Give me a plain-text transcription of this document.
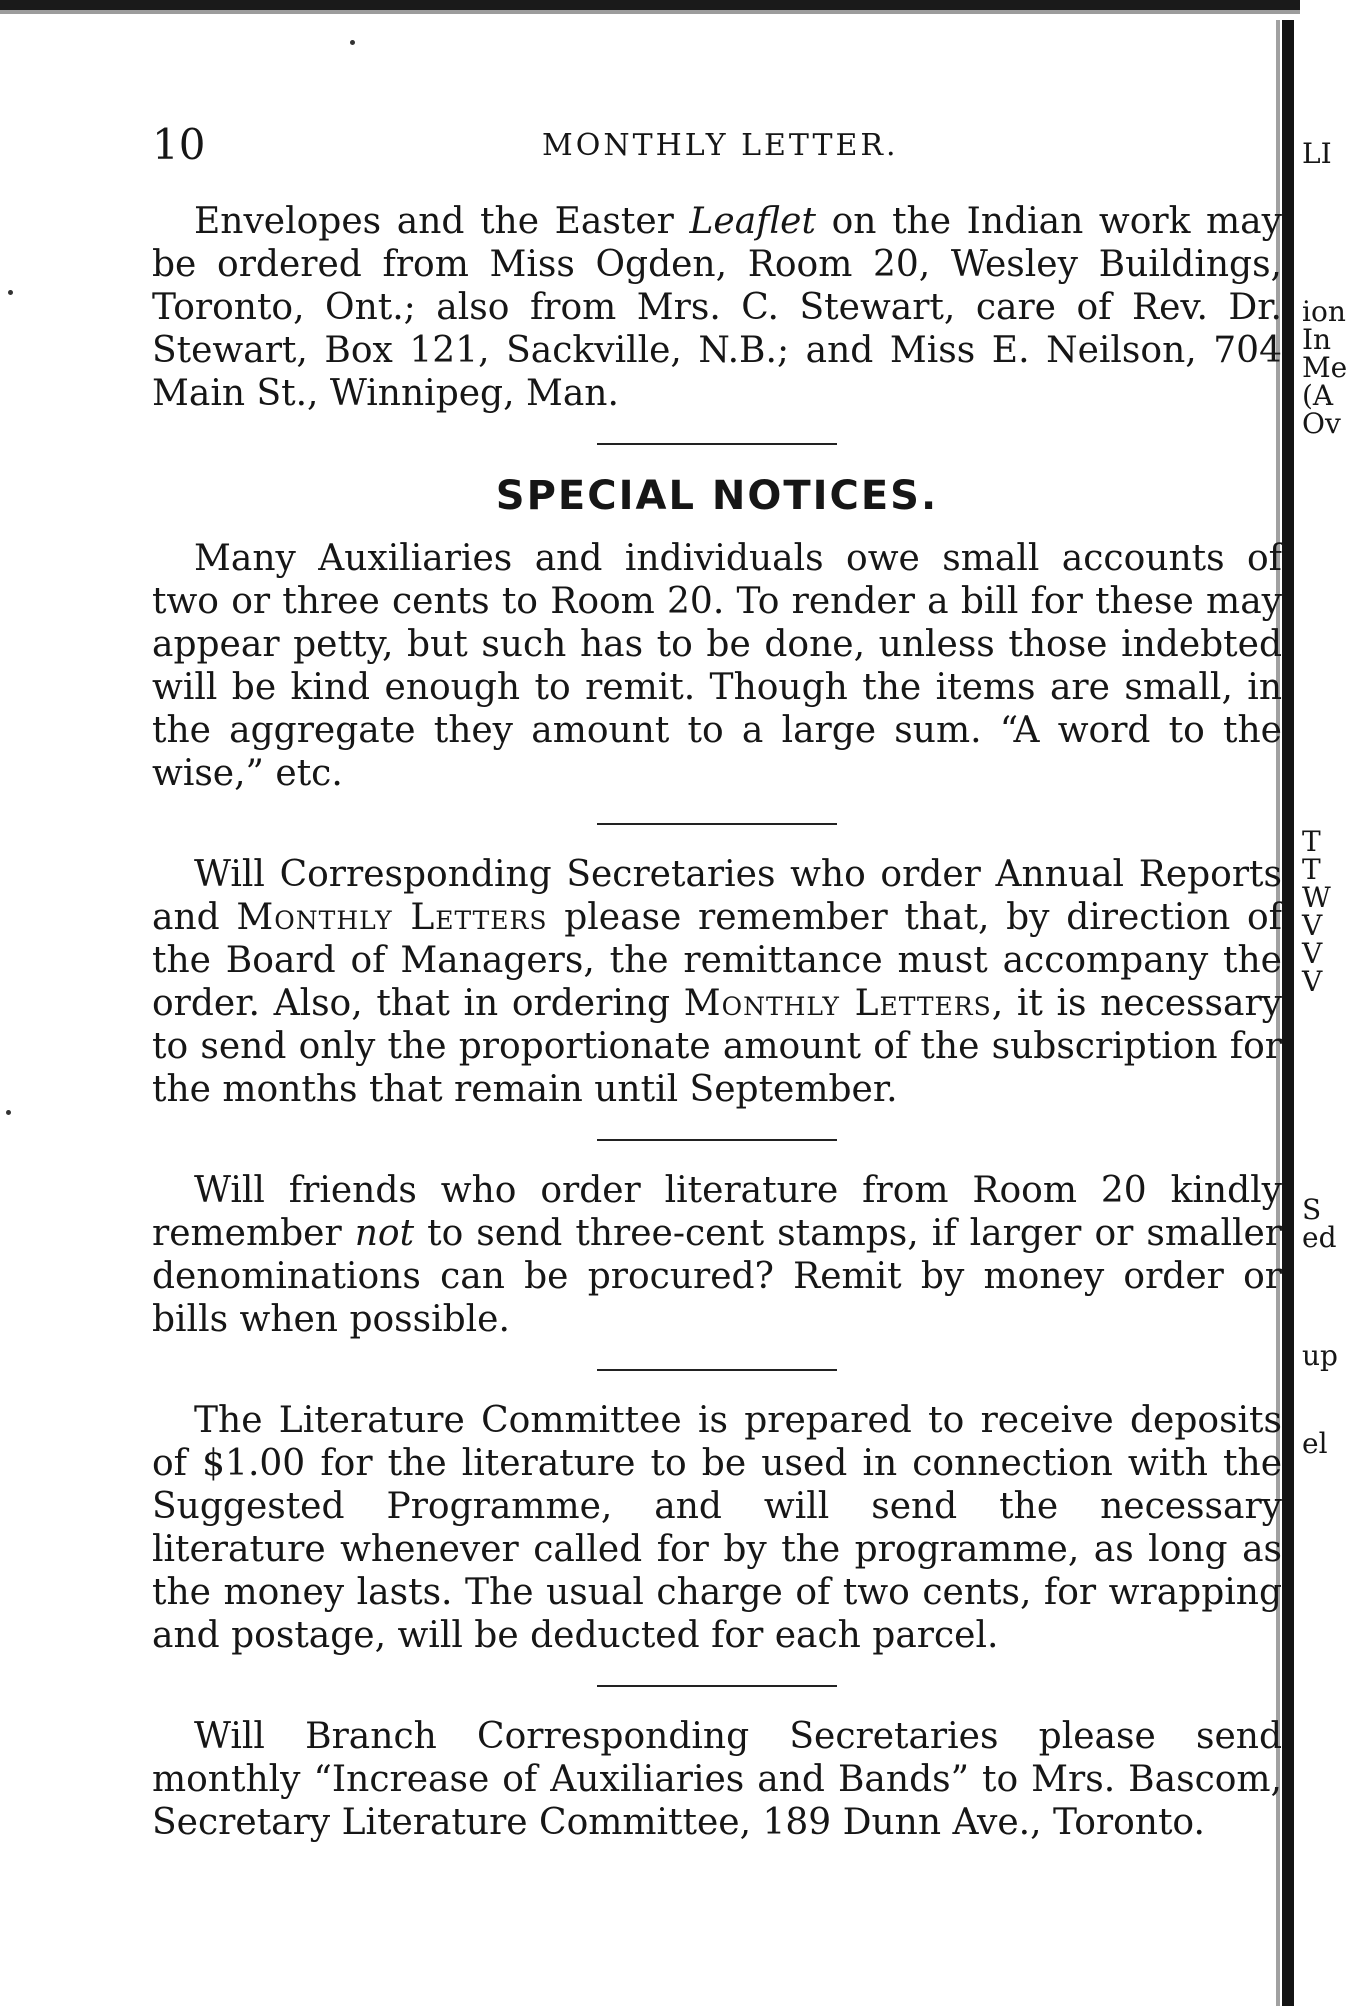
10	MONTHLY LETTER.

Envelopes and the Easter Leaflet on the Indian work may be ordered from Miss Ogden, Room 20, Wesley Buildings, Toronto, Ont.; also from Mrs. C. Stewart, care of Rev. Dr. Stewart, Box 121, Sackville, N.B.; and Miss E. Neilson, 704 Main St., Winnipeg, Man.

SPECIAL NOTICES.

Many Auxiliaries and individuals owe small accounts of two or three cents to Room 20. To render a bill for these may appear petty, but such has to be done, unless those indebted will be kind enough to remit. Though the items are small, in the aggregate they amount to a large sum. “A word to the wise,” etc.

Will Corresponding Secretaries who order Annual Reports and Monthly Letters please remember that, by direction of the Board of Managers, the remittance must accompany the order. Also, that in ordering Monthly Letters, it is necessary to send only the proportionate amount of the subscription for the months that remain until September.

Will friends who order literature from Room 20 kindly remember not to send three-cent stamps, if larger or smaller denominations can be procured? Remit by money order or bills when possible.

The Literature Committee is prepared to receive deposits of $1.00 for the literature to be used in connection with the Suggested Programme, and will send the necessary literature whenever called for by the programme, as long as the money lasts. The usual charge of two cents, for wrapping and postage, will be deducted for each parcel.

Will Branch Corresponding Secretaries please send monthly “Increase of Auxiliaries and Bands” to Mrs. Bascom, Secretary Literature Committee, 189 Dunn Ave., Toronto.

LI
ion
In
Me
(A
Ov
T
T
W
V
V
V
S
ed
up
el
